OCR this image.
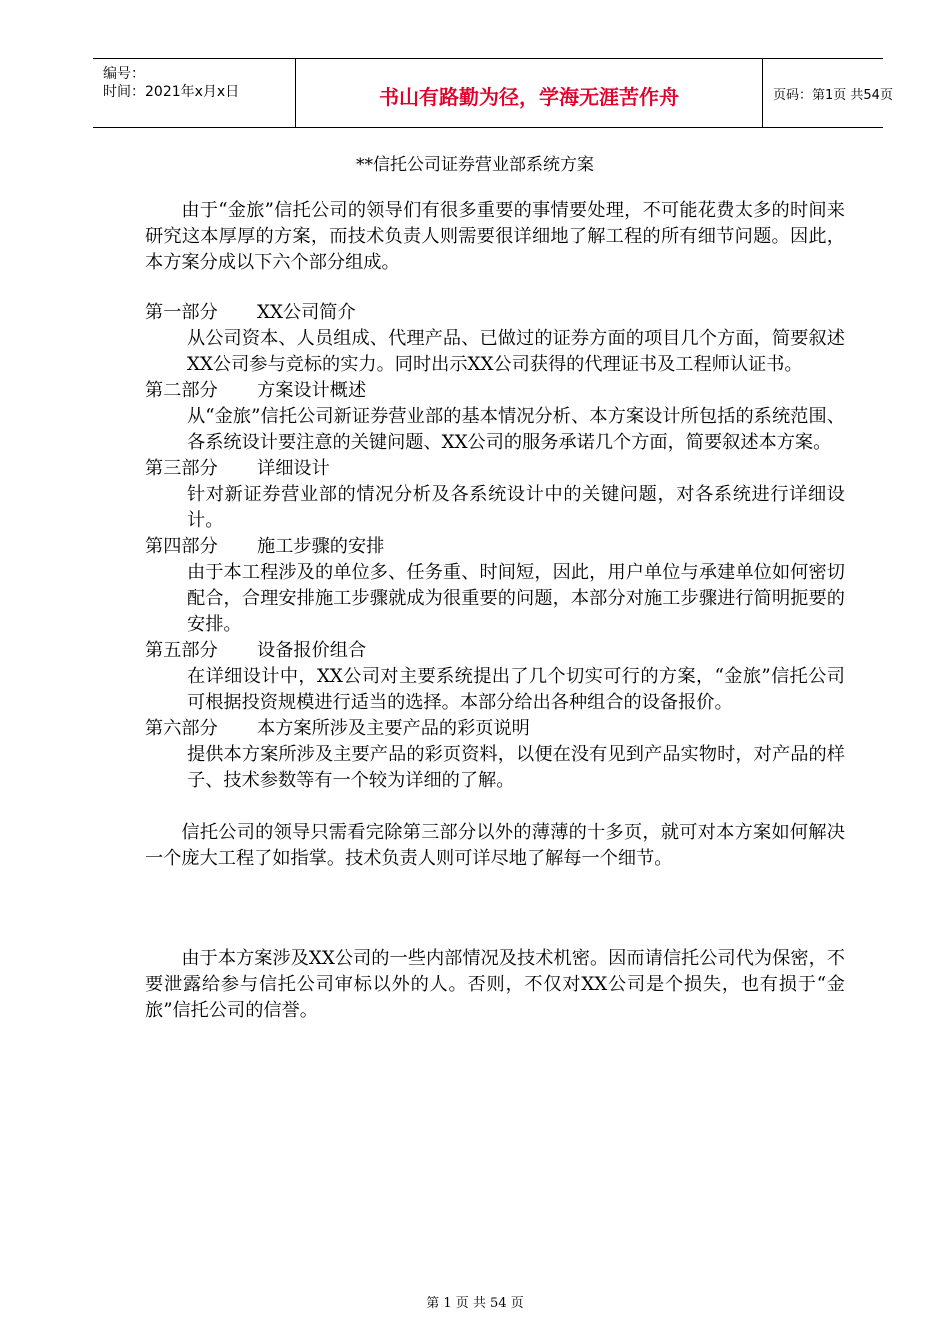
编号：
时间：2021年x月x日	书山有路勤为径，学海无涯苦作舟	页码：第1页 共54页
**信托公司证券营业部系统方案

由于“金旅”信托公司的领导们有很多重要的事情要处理，不可能花费太多的时间来研究这本厚厚的方案，而技术负责人则需要很详细地了解工程的所有细节问题。因此，本方案分成以下六个部分组成。

第一部分 XX公司简介

从公司资本、人员组成、代理产品、已做过的证券方面的项目几个方面，简要叙述XX公司参与竞标的实力。同时出示XX公司获得的代理证书及工程师认证书。

第二部分 方案设计概述

从“金旅”信托公司新证券营业部的基本情况分析、本方案设计所包括的系统范围、各系统设计要注意的关键问题、XX公司的服务承诺几个方面，简要叙述本方案。

第三部分 详细设计

针对新证券营业部的情况分析及各系统设计中的关键问题，对各系统进行详细设计。

第四部分 施工步骤的安排

由于本工程涉及的单位多、任务重、时间短，因此，用户单位与承建单位如何密切配合，合理安排施工步骤就成为很重要的问题，本部分对施工步骤进行简明扼要的安排。

第五部分 设备报价组合

在详细设计中，XX公司对主要系统提出了几个切实可行的方案，“金旅”信托公司可根据投资规模进行适当的选择。本部分给出各种组合的设备报价。

第六部分 本方案所涉及主要产品的彩页说明

提供本方案所涉及主要产品的彩页资料，以便在没有见到产品实物时，对产品的样子、技术参数等有一个较为详细的了解。

信托公司的领导只需看完除第三部分以外的薄薄的十多页，就可对本方案如何解决一个庞大工程了如指掌。技术负责人则可详尽地了解每一个细节。

由于本方案涉及XX公司的一些内部情况及技术机密。因而请信托公司代为保密，不要泄露给参与信托公司审标以外的人。否则，不仅对XX公司是个损失，也有损于“金旅”信托公司的信誉。

第 1 页 共 54 页
